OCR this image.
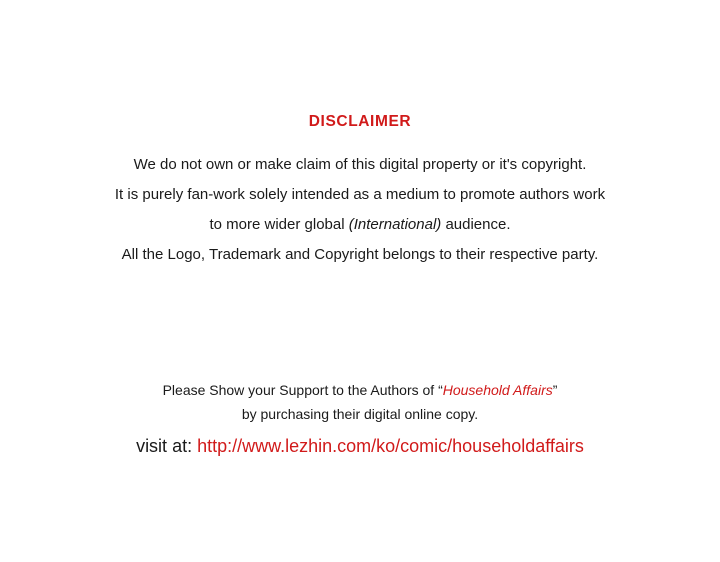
DISCLAIMER
We do not own or make claim of this digital property or it's copyright.
It is purely fan-work solely intended as a medium to promote authors work
to more wider global (International) audience.
All the Logo, Trademark and Copyright belongs to their respective party.
Please Show your Support to the Authors of “Household Affairs”
by purchasing their digital online copy.
visit at: http://www.lezhin.com/ko/comic/householdaffairs
